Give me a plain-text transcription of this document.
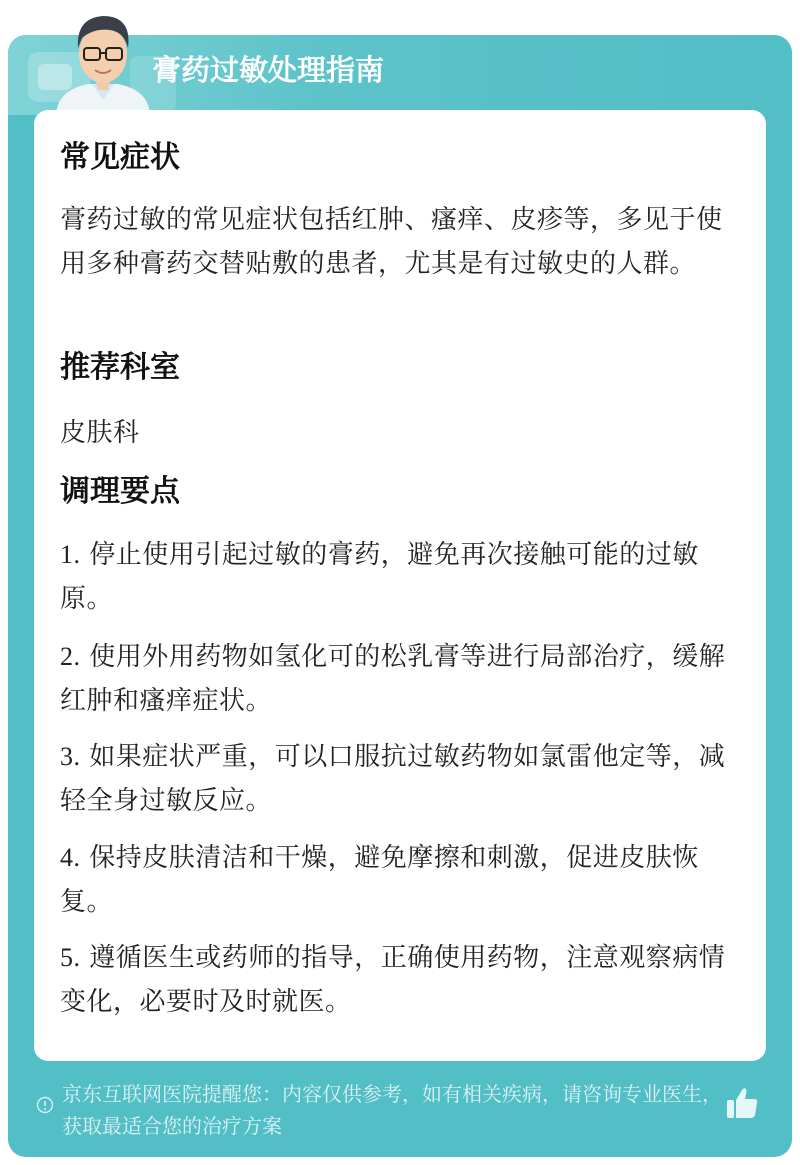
膏药过敏处理指南
常见症状
膏药过敏的常见症状包括红肿、瘙痒、皮疹等，多见于使用多种膏药交替贴敷的患者，尤其是有过敏史的人群。
推荐科室
皮肤科
调理要点
1. 停止使用引起过敏的膏药，避免再次接触可能的过敏原。
2. 使用外用药物如氢化可的松乳膏等进行局部治疗，缓解红肿和瘙痒症状。
3. 如果症状严重，可以口服抗过敏药物如氯雷他定等，减轻全身过敏反应。
4. 保持皮肤清洁和干燥，避免摩擦和刺激，促进皮肤恢复。
5. 遵循医生或药师的指导，正确使用药物，注意观察病情变化，必要时及时就医。
京东互联网医院提醒您：内容仅供参考，如有相关疾病，请咨询专业医生，获取最适合您的治疗方案
